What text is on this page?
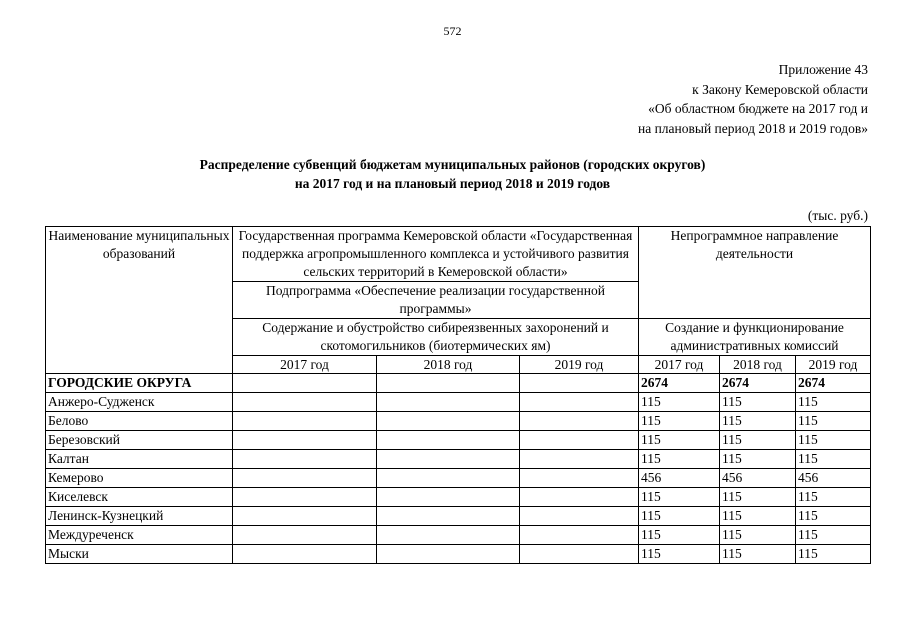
572
Приложение 43
к Закону Кемеровской области
«Об областном бюджете на 2017 год и
на плановый период 2018 и 2019 годов»
Распределение субвенций бюджетам муниципальных районов (городских округов)
на 2017 год и на плановый период 2018 и 2019 годов
(тыс. руб.)
Наименование муниципальных образований	Государственная программа Кемеровской области «Государственная поддержка агропромышленного комплекса и устойчивого развития сельских территорий в Кемеровской области»			Непрограммное направление деятельности		
	Подпрограмма «Обеспечение реализации государственной программы»					
	Содержание и обустройство сибиреязвенных захоронений и скотомогильников (биотермических ям)			Создание и функционирование административных комиссий		
	2017 год	2018 год	2019 год	2017 год	2018 год	2019 год
ГОРОДСКИЕ ОКРУГА				2674	2674	2674
Анжеро-Судженск				115	115	115
Белово				115	115	115
Березовский				115	115	115
Калтан				115	115	115
Кемерово				456	456	456
Киселевск				115	115	115
Ленинск-Кузнецкий				115	115	115
Междуреченск				115	115	115
Мыски				115	115	115
